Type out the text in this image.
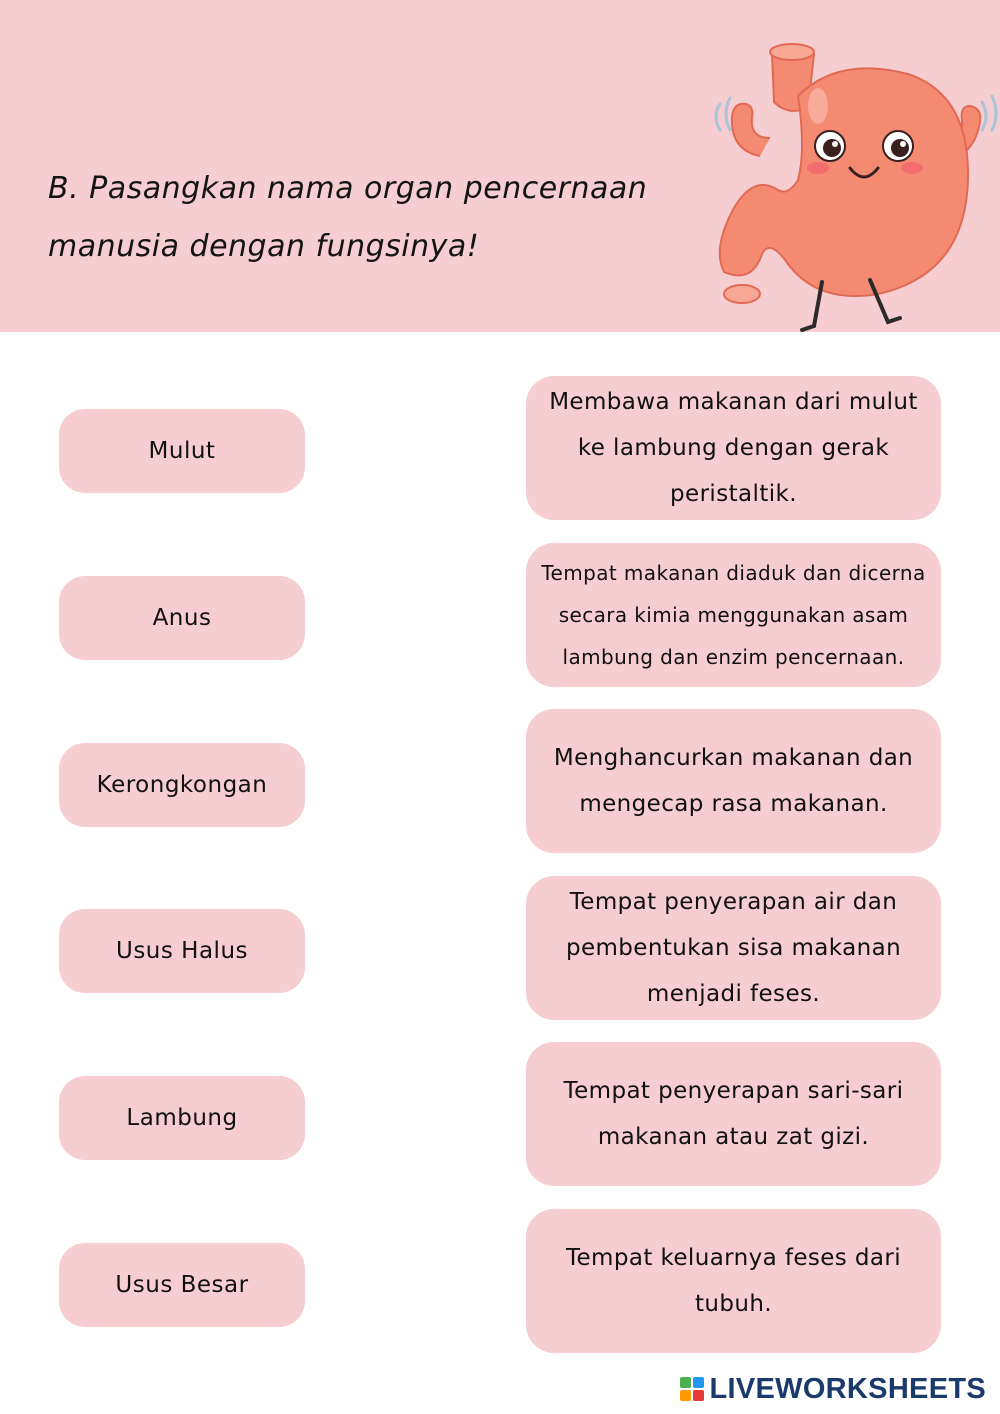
B. Pasangkan nama organ pencernaan manusia dengan fungsinya!
Mulut
Anus
Kerongkongan
Usus Halus
Lambung
Usus Besar
Membawa makanan dari mulut ke lambung dengan gerak peristaltik.
Tempat makanan diaduk dan dicerna secara kimia menggunakan asam lambung dan enzim pencernaan.
Menghancurkan makanan dan mengecap rasa makanan.
Tempat penyerapan air dan pembentukan sisa makanan menjadi feses.
Tempat penyerapan sari-sari makanan atau zat gizi.
Tempat keluarnya feses dari tubuh.
LIVEWORKSHEETS
